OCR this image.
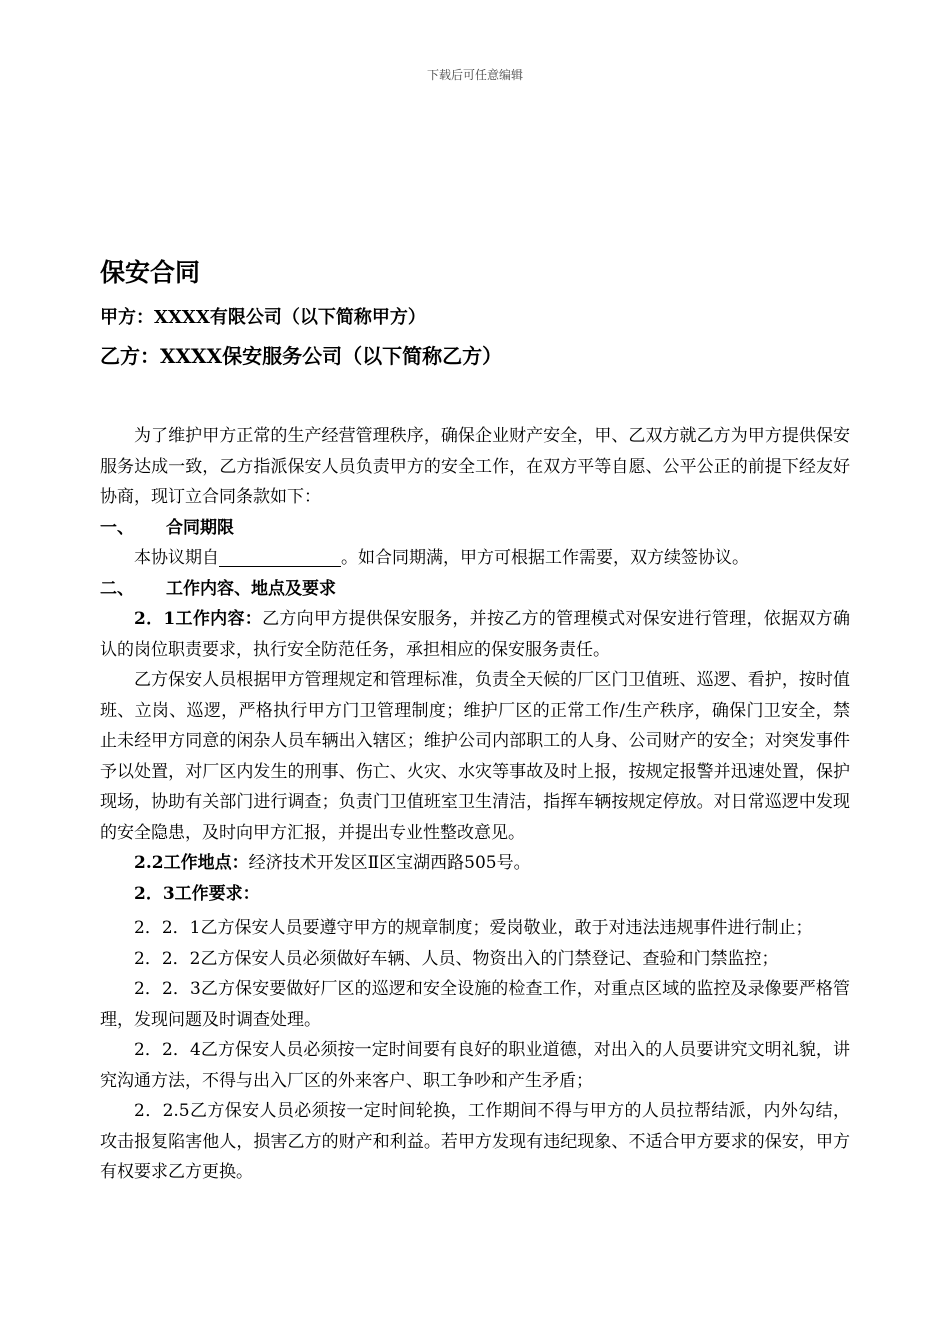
下载后可任意编辑
保安合同

甲方：XXXX有限公司（以下简称甲方）

乙方：XXXX保安服务公司（以下简称乙方）

为了维护甲方正常的生产经营管理秩序，确保企业财产安全，甲、乙双方就乙方为甲方提供保安服务达成一致，乙方指派保安人员负责甲方的安全工作，在双方平等自愿、公平公正的前提下经友好协商，现订立合同条款如下：

一、	合同期限

本协议期自	。如合同期满，甲方可根据工作需要，双方续签协议。

二、	工作内容、地点及要求

2．1工作内容：乙方向甲方提供保安服务，并按乙方的管理模式对保安进行管理，依据双方确认的岗位职责要求，执行安全防范任务，承担相应的保安服务责任。

乙方保安人员根据甲方管理规定和管理标准，负责全天候的厂区门卫值班、巡逻、看护，按时值班、立岗、巡逻，严格执行甲方门卫管理制度；维护厂区的正常工作/生产秩序，确保门卫安全，禁止未经甲方同意的闲杂人员车辆出入辖区；维护公司内部职工的人身、公司财产的安全；对突发事件予以处置，对厂区内发生的刑事、伤亡、火灾、水灾等事故及时上报，按规定报警并迅速处置，保护现场，协助有关部门进行调查；负责门卫值班室卫生清洁，指挥车辆按规定停放。对日常巡逻中发现的安全隐患，及时向甲方汇报，并提出专业性整改意见。

2.2工作地点：经济技术开发区Ⅱ区宝湖西路505号。

2．3工作要求：

2．2．1乙方保安人员要遵守甲方的规章制度；爱岗敬业，敢于对违法违规事件进行制止；

2．2．2乙方保安人员必须做好车辆、人员、物资出入的门禁登记、查验和门禁监控；

2．2．3乙方保安要做好厂区的巡逻和安全设施的检查工作，对重点区域的监控及录像要严格管理，发现问题及时调查处理。

2．2．4乙方保安人员必须按一定时间要有良好的职业道德，对出入的人员要讲究文明礼貌，讲究沟通方法，不得与出入厂区的外来客户、职工争吵和产生矛盾；

2．2.5乙方保安人员必须按一定时间轮换，工作期间不得与甲方的人员拉帮结派，内外勾结，攻击报复陷害他人，损害乙方的财产和利益。若甲方发现有违纪现象、不适合甲方要求的保安，甲方有权要求乙方更换。
